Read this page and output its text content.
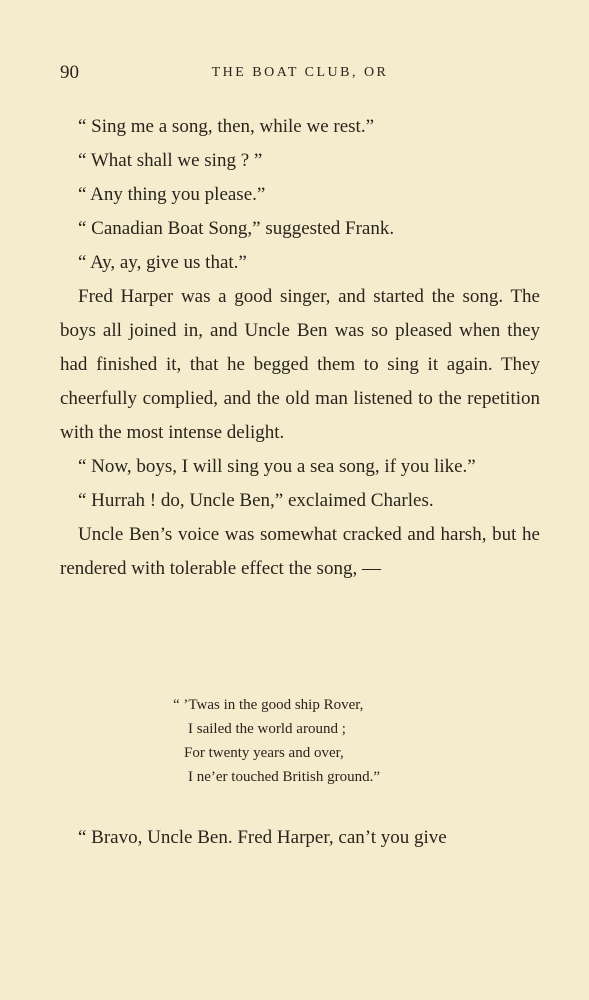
90	THE BOAT CLUB, OR

“ Sing me a song, then, while we rest.”

“ What shall we sing ? ”

“ Any thing you please.”

“ Canadian Boat Song,” suggested Frank.

“ Ay, ay, give us that.”

Fred Harper was a good singer, and started the song. The boys all joined in, and Uncle Ben was so pleased when they had finished it, that he begged them to sing it again. They cheerfully complied, and the old man listened to the repetition with the most intense delight.

“ Now, boys, I will sing you a sea song, if you like.”

“ Hurrah ! do, Uncle Ben,” exclaimed Charles.

Uncle Ben’s voice was somewhat cracked and harsh, but he rendered with tolerable effect the song, —

“ ’Twas in the good ship Rover,
I sailed the world around ;
For twenty years and over,
I ne’er touched British ground.”
“ Bravo, Uncle Ben. Fred Harper, can’t you give
